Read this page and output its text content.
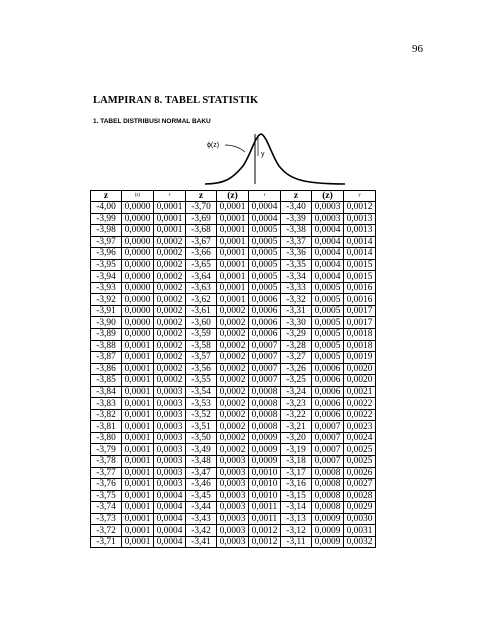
96
LAMPIRAN 8. TABEL STATISTIK
1. TABEL DISTRIBUSI NORMAL BAKU
ϕ(z)
y
z	(z)	r	z	(z)	r	z	(z)	y
-4,00	0,0000	0,0001	-3,70	0,0001	0,0004	-3,40	0,0003	0,0012
-3,99	0,0000	0,0001	-3,69	0,0001	0,0004	-3,39	0,0003	0,0013
-3,98	0,0000	0,0001	-3,68	0,0001	0,0005	-3,38	0,0004	0,0013
-3,97	0,0000	0,0002	-3,67	0,0001	0,0005	-3,37	0,0004	0,0014
-3,96	0,0000	0,0002	-3,66	0,0001	0,0005	-3,36	0,0004	0,0014
-3,95	0,0000	0,0002	-3,65	0,0001	0,0005	-3,35	0,0004	0,0015
-3,94	0,0000	0,0002	-3,64	0,0001	0,0005	-3,34	0,0004	0,0015
-3,93	0,0000	0,0002	-3,63	0,0001	0,0005	-3,33	0,0005	0,0016
-3,92	0,0000	0,0002	-3,62	0,0001	0,0006	-3,32	0,0005	0,0016
-3,91	0,0000	0,0002	-3,61	0,0002	0,0006	-3,31	0,0005	0,0017
-3,90	0,0000	0,0002	-3,60	0,0002	0,0006	-3,30	0,0005	0,0017
-3,89	0,0000	0,0002	-3,59	0,0002	0,0006	-3,29	0,0005	0,0018
-3,88	0,0001	0,0002	-3,58	0,0002	0,0007	-3,28	0,0005	0,0018
-3,87	0,0001	0,0002	-3,57	0,0002	0,0007	-3,27	0,0005	0,0019
-3,86	0,0001	0,0002	-3,56	0,0002	0,0007	-3,26	0,0006	0,0020
-3,85	0,0001	0,0002	-3,55	0,0002	0,0007	-3,25	0,0006	0,0020
-3,84	0,0001	0,0003	-3,54	0,0002	0,0008	-3,24	0,0006	0,0021
-3,83	0,0001	0,0003	-3,53	0,0002	0,0008	-3,23	0,0006	0,0022
-3,82	0,0001	0,0003	-3,52	0,0002	0,0008	-3,22	0,0006	0,0022
-3,81	0,0001	0,0003	-3,51	0,0002	0,0008	-3,21	0,0007	0,0023
-3,80	0,0001	0,0003	-3,50	0,0002	0,0009	-3,20	0,0007	0,0024
-3,79	0,0001	0,0003	-3,49	0,0002	0,0009	-3,19	0,0007	0,0025
-3,78	0,0001	0,0003	-3,48	0,0003	0,0009	-3,18	0,0007	0,0025
-3,77	0,0001	0,0003	-3,47	0,0003	0,0010	-3,17	0,0008	0,0026
-3,76	0,0001	0,0003	-3,46	0,0003	0,0010	-3,16	0,0008	0,0027
-3,75	0,0001	0,0004	-3,45	0,0003	0,0010	-3,15	0,0008	0,0028
-3,74	0,0001	0,0004	-3,44	0,0003	0,0011	-3,14	0,0008	0,0029
-3,73	0,0001	0,0004	-3,43	0,0003	0,0011	-3,13	0,0009	0,0030
-3,72	0,0001	0,0004	-3,42	0,0003	0,0012	-3,12	0,0009	0,0031
-3,71	0,0001	0,0004	-3,41	0,0003	0,0012	-3,11	0,0009	0,0032
